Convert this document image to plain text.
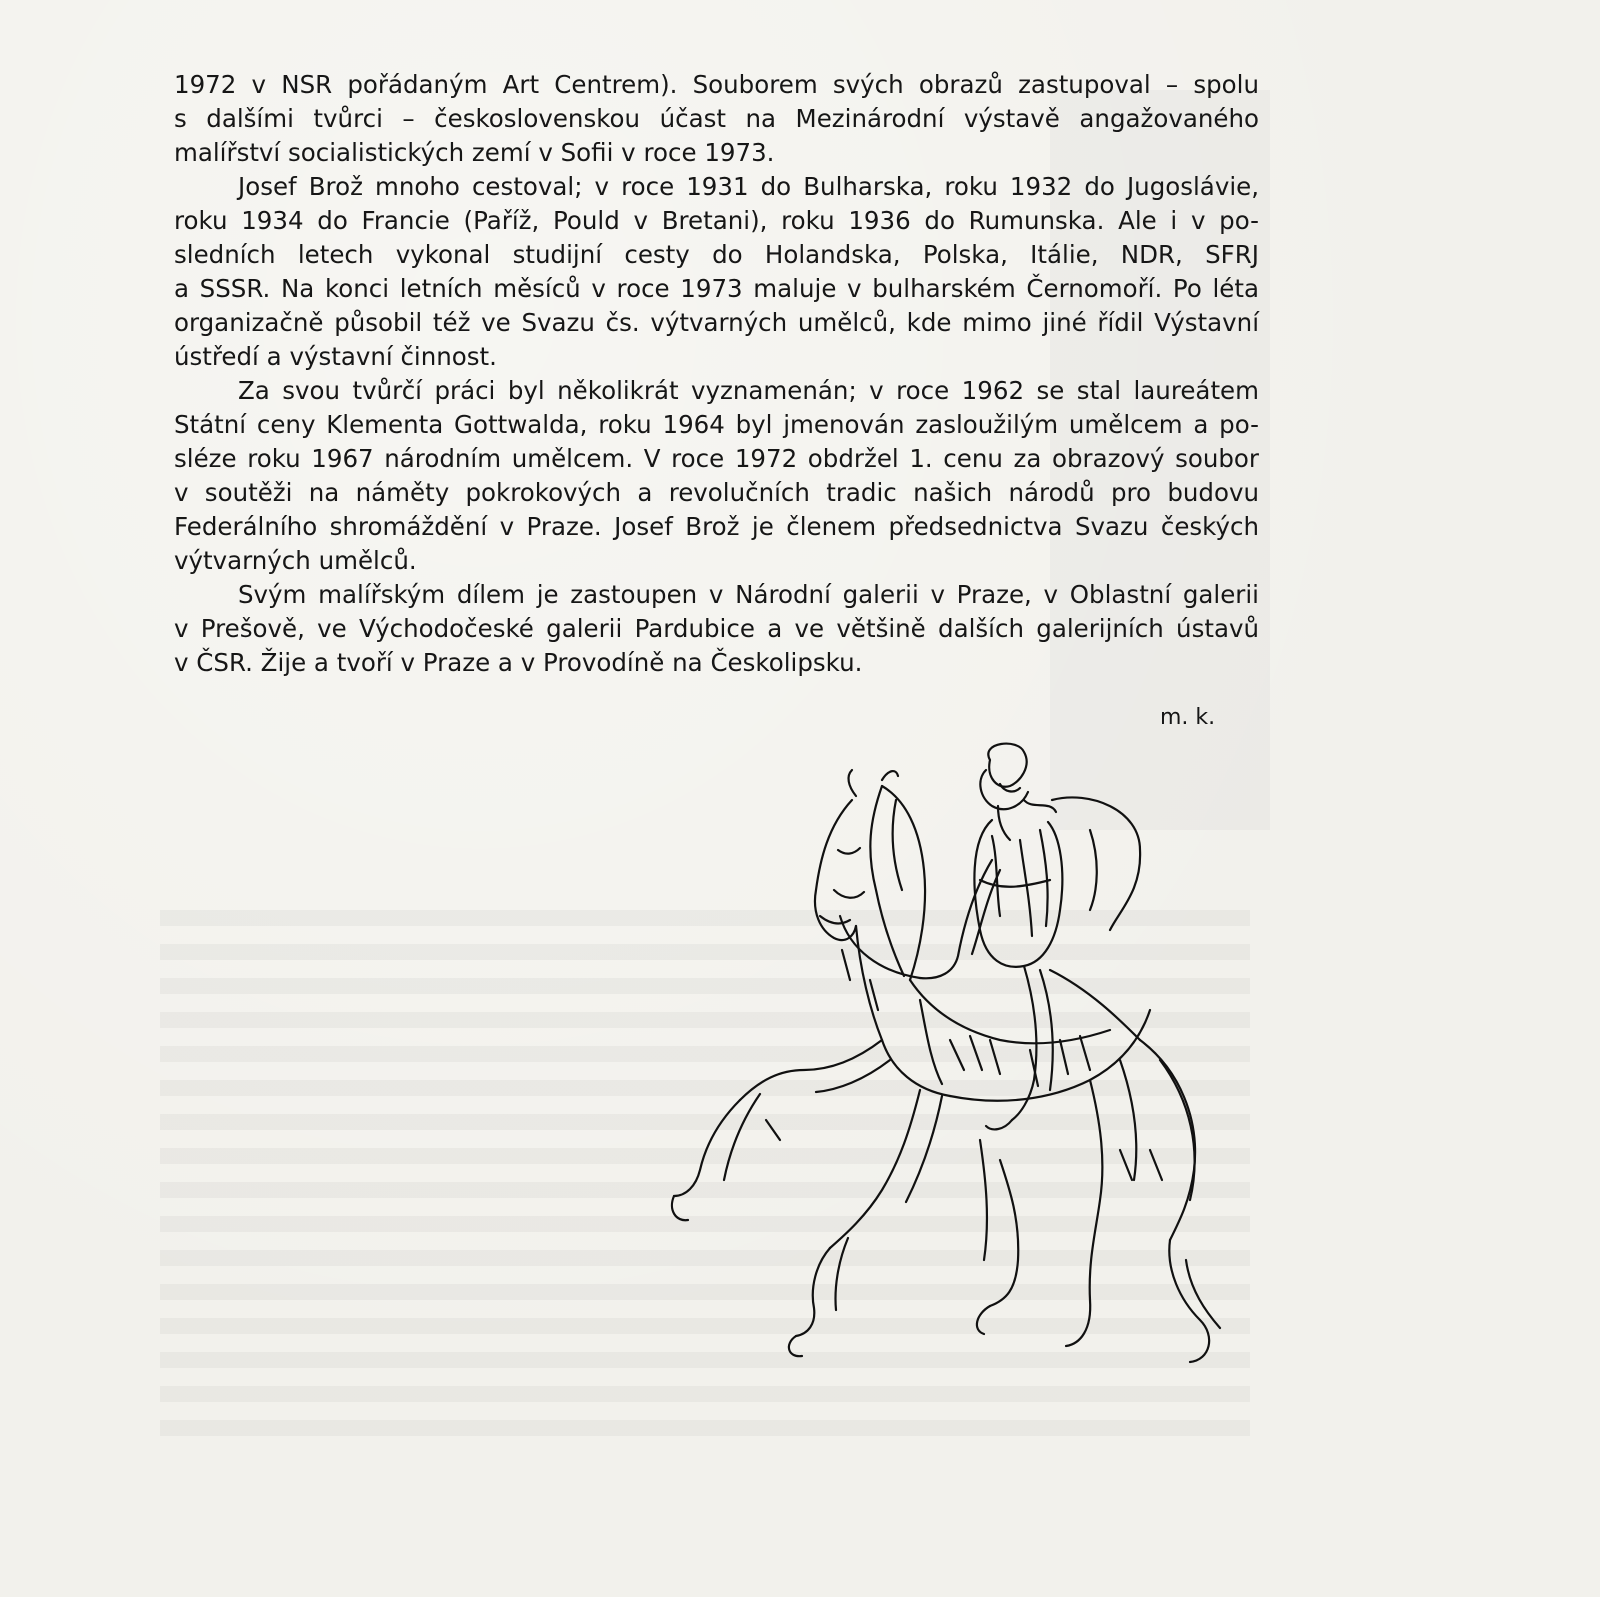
1972 v NSR pořádaným Art Centrem). Souborem svých obrazů zastupoval – spolu
s dalšími tvůrci – československou účast na Mezinárodní výstavě angažovaného
malířství socialistických zemí v Sofii v roce 1973.
Josef Brož mnoho cestoval; v roce 1931 do Bulharska, roku 1932 do Jugoslávie,
roku 1934 do Francie (Paříž, Pould v Bretani), roku 1936 do Rumunska. Ale i v po-
sledních letech vykonal studijní cesty do Holandska, Polska, Itálie, NDR, SFRJ
a SSSR. Na konci letních měsíců v roce 1973 maluje v bulharském Černomoří. Po léta
organizačně působil též ve Svazu čs. výtvarných umělců, kde mimo jiné řídil Výstavní
ústředí a výstavní činnost.
Za svou tvůrčí práci byl několikrát vyznamenán; v roce 1962 se stal laureátem
Státní ceny Klementa Gottwalda, roku 1964 byl jmenován zasloužilým umělcem a po-
sléze roku 1967 národním umělcem. V roce 1972 obdržel 1. cenu za obrazový soubor
v soutěži na náměty pokrokových a revolučních tradic našich národů pro budovu
Federálního shromáždění v Praze. Josef Brož je členem předsednictva Svazu českých
výtvarných umělců.
Svým malířským dílem je zastoupen v Národní galerii v Praze, v Oblastní galerii
v Prešově, ve Východočeské galerii Pardubice a ve většině dalších galerijních ústavů
v ČSR. Žije a tvoří v Praze a v Provodíně na Českolipsku.
m. k.
